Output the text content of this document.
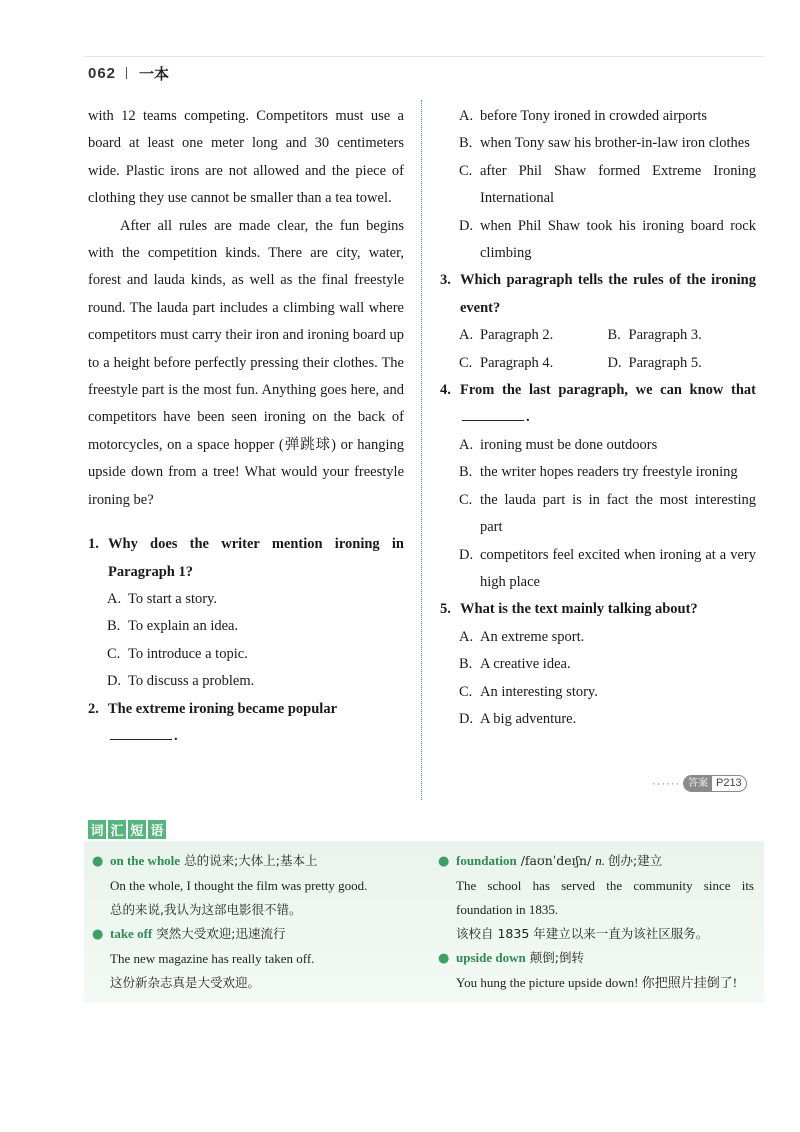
062 一本

with 12 teams competing. Competitors must use a board at least one meter long and 30 centimeters wide. Plastic irons are not allowed and the piece of clothing they use cannot be smaller than a tea towel.

After all rules are made clear, the fun begins with the competition kinds. There are city, water, forest and lauda kinds, as well as the final freestyle round. The lauda part includes a climbing wall where competitors must carry their iron and ironing board up to a height before perfectly pressing their clothes. The freestyle part is the most fun. Anything goes here, and competitors have been seen ironing on the back of motorcycles, on a space hopper (弹跳球) or hanging upside down from a tree! What would your freestyle ironing be?

1. Why does the writer mention ironing in Paragraph 1?
A. To start a story.
B. To explain an idea.
C. To introduce a topic.
D. To discuss a problem.
2. The extreme ironing became popular
.
A. before Tony ironed in crowded airports
B. when Tony saw his brother-in-law iron clothes
C. after Phil Shaw formed Extreme Ironing International
D. when Phil Shaw took his ironing board rock climbing
3. Which paragraph tells the rules of the ironing event?
A. Paragraph 2.	B. Paragraph 3.
C. Paragraph 4.	D. Paragraph 5.
4. From the last paragraph, we can know that .
A. ironing must be done outdoors
B. the writer hopes readers try freestyle ironing
C. the lauda part is in fact the most interesting part
D. competitors feel excited when ironing at a very high place
5. What is the text mainly talking about?
A. An extreme sport.
B. A creative idea.
C. An interesting story.
D. A big adventure.
······ 答案 P213
词 汇 短 语
● on the whole 总的说来;大体上;基本上
On the whole, I thought the film was pretty good.
总的来说,我认为这部电影很不错。
● take off 突然大受欢迎;迅速流行
The new magazine has really taken off.
这份新杂志真是大受欢迎。
● foundation /faʊnˈdeɪʃn/ n. 创办;建立
The school has served the community since its foundation in 1835.
该校自 1835 年建立以来一直为该社区服务。
● upside down 颠倒;倒转
You hung the picture upside down! 你把照片挂倒了!
